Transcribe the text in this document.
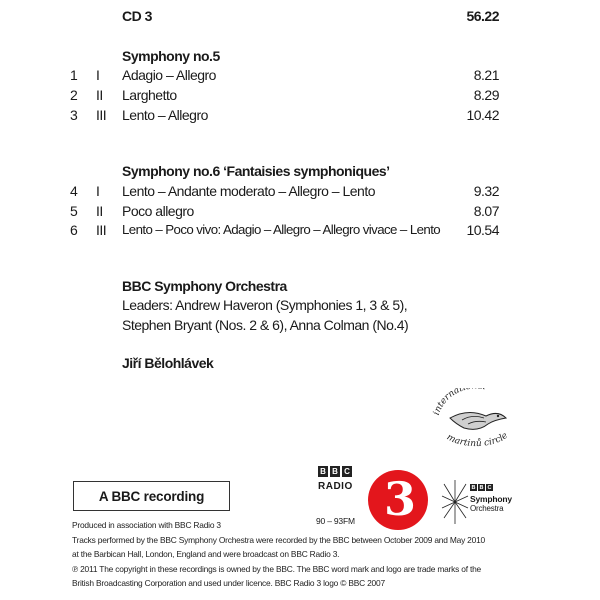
CD 3	56.22
Symphony no.5
1 I Adagio – Allegro	8.21
2 II Larghetto	8.29
3 III Lento – Allegro	10.42
Symphony no.6 ‘Fantaisies symphoniques’
4 I Lento – Andante moderato – Allegro – Lento	9.32
5 II Poco allegro	8.07
6 III Lento – Poco vivo: Adagio – Allegro – Allegro vivace – Lento 10.54
BBC Symphony Orchestra
Leaders: Andrew Haveron (Symphonies 1, 3 & 5),
Stephen Bryant (Nos. 2 & 6), Anna Colman (No.4)
Jiří Bělohlávek
internat
martinů circle
A BBC recording
B B C
RADIO
90 – 93FM 3	B B C
Symphony
Orchestra
Produced in association with BBC Radio 3
Tracks performed by the BBC Symphony Orchestra were recorded by the BBC between October 2009 and May 2010
at the Barbican Hall, London, England and were broadcast on BBC Radio 3.
℗ 2011 The copyright in these recordings is owned by the BBC. The BBC word mark and logo are trade marks of the
British Broadcasting Corporation and used under licence. BBC Radio 3 logo © BBC 2007
